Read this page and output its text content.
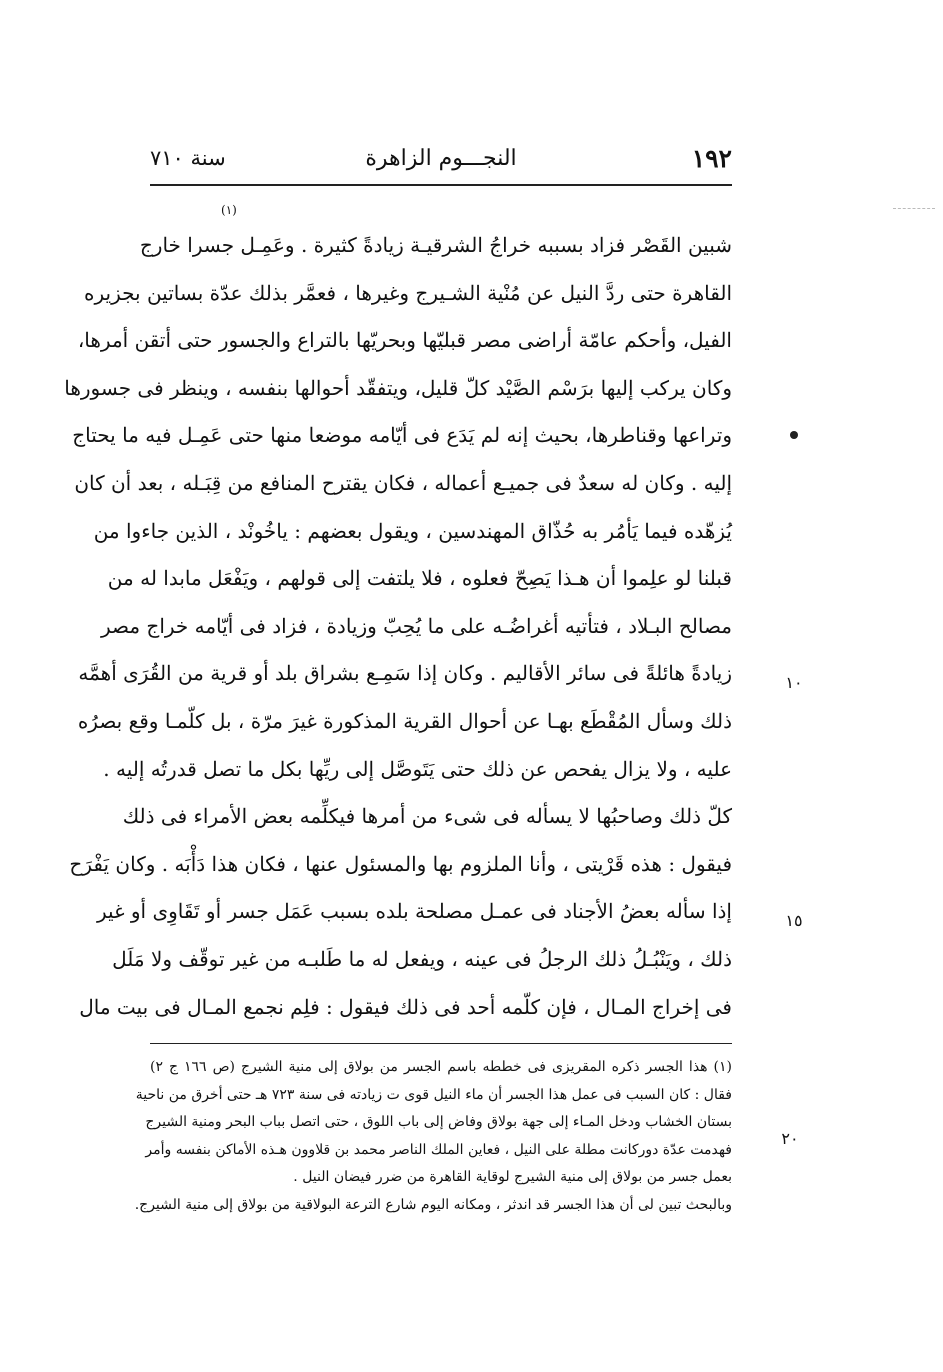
١٩٢
النجـــوم الزاهرة
سنة ٧١٠
(١)
شبين القَصْر فزاد بسببه خراجُ الشرقيـة زيادةً كثيرة . وعَمِـل جسرا خارج
القاهرة حتى ردَّ النيل عن مُنْية الشـيرج وغيرها ، فعمَّر بذلك عدّة بساتين بجزيره
الفيل، وأحكم عامّة أراضى مصر قبليّها وبحريّها بالتراع والجسور حتى أتقن أمرها،
وكان يركب إليها برَسْم الصَّيْد كلّ قليل، ويتفقّد أحوالها بنفسه ، وينظر فى جسورها
وتراعها وقناطرها، بحيث إنه لم يَدَع فى أيّامه موضعا منها حتى عَمِـل فيه ما يحتاج
إليه . وكان له سعدٌ فى جميـع أعماله ، فكان يقترح المنافع من قِبَـله ، بعد أن كان
يُزهّده فيما يَأمُر به حُذّاق المهندسين ، ويقول بعضهم : ياخُونْد ، الذين جاءوا من
قبلنا لو علِموا أن هـذا يَصِحّ فعلوه ، فلا يلتفت إلى قولهم ، ويَفْعَل مابدا له من
مصالح البـلاد ، فتأتيه أغراضُـه على ما يُحِبّ وزيادة ، فزاد فى أيّامه خراج مصر
زيادةً هائلةً فى سائر الأقاليم . وكان إذا سَمِـع بشراق بلد أو قرية من القُرَى أهمَّه
ذلك وسأل المُقْطَع بهـا عن أحوال القرية المذكورة غيرَ مرّة ، بل كلّمـا وقع بصرُه
عليه ، ولا يزال يفحص عن ذلك حتى يَتَوصَّل إلى ريِّها بكل ما تصل قدرتُه إليه .
كلّ ذلك وصاحبُها لا يسأله فى شىء من أمرها فيكلِّمه بعض الأمراء فى ذلك
فيقول : هذه قَرْيتى ، وأنا الملزوم بها والمسئول عنها ، فكان هذا دَأْبَه . وكان يَفْرَح
إذا سأله بعضُ الأجناد فى عمـل مصلحة بلده بسبب عَمَل جسر أو تَقَاوِى أو غير
ذلك ، ويَنْبُـلُ ذلك الرجلُ فى عينه ، ويفعل له ما طَلبـه من غير توقّف ولا مَلَل
فى إخراج المـال ، فإن كلّمه أحد فى ذلك فيقول : فلِم نجمع المـال فى بيت مال
١٠
١٥
٢٠
(١) هذا الجسر ذكره المقريزى فى خططه باسم الجسر من بولاق إلى منية الشيرج (ص ١٦٦ ج ٢)
فقال : كان السبب فى عمل هذا الجسر أن ماء النيل قوى ت زيادته فى سنة ٧٢٣ هـ حتى أخرق من ناحية
بستان الخشاب ودخل المـاء إلى جهة بولاق وفاض إلى باب اللوق ، حتى اتصل بباب البحر ومنية الشيرج
فهدمت عدّة دوركانت مطلة على النيل ، فعاين الملك الناصر محمد بن قلاوون هـذه الأماكن بنفسه وأمر
بعمل جسر من بولاق إلى منية الشيرج لوقاية القاهرة من ضرر فيضان النيل .
وبالبحث تبين لى أن هذا الجسر قد اندثر ، ومكانه اليوم شارع الترعة البولاقية من بولاق إلى منية الشيرج.
